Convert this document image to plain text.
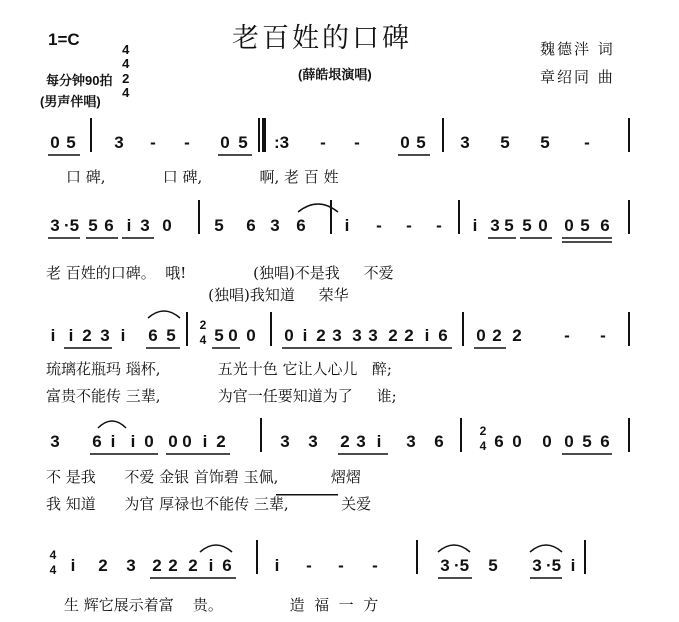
1=C

4
4

2
4

老百姓的口碑
(薛皓垠演唱)
魏德泮 词
章绍同 曲
每分钟90拍
(男声伴唱)
0 5 3 - - 0 5 :3 - - 0 5 3 5 5 -
口 碑,            口 碑,            啊, 老 百 姓
3 ·5 5 6 i 3 0	5 6 3 6 i - - - i 3 5 5 0 0 5 6
老 百姓的口碑。  哦!              (独唱)不是我     不爱
(独唱)我知道     荣华
i i 2 3 i 6 5
2
4 5 0 0 0 i 2 3 3 3 2 2 i 6 0 2 2 - -
琉璃花瓶玛 瑙杯,            五光十色 它让人心儿   醉;
富贵不能传 三辈,            为官一任要知道为了     谁;
3 6 i i 0 0 0 i 2	3 3 2 3 i 3 6
2
4 6 0 0 0 5 6
不 是我      不爱 金银 首饰碧 玉佩,           熠熠
我 知道      为官 厚禄也不能传 三辈,           关爱
4
4 i 2 3 2 2 2 i 6	i - - -	3 ·5 5 3 ·5 i
生 辉它展示着富    贵。              造  福  一  方
